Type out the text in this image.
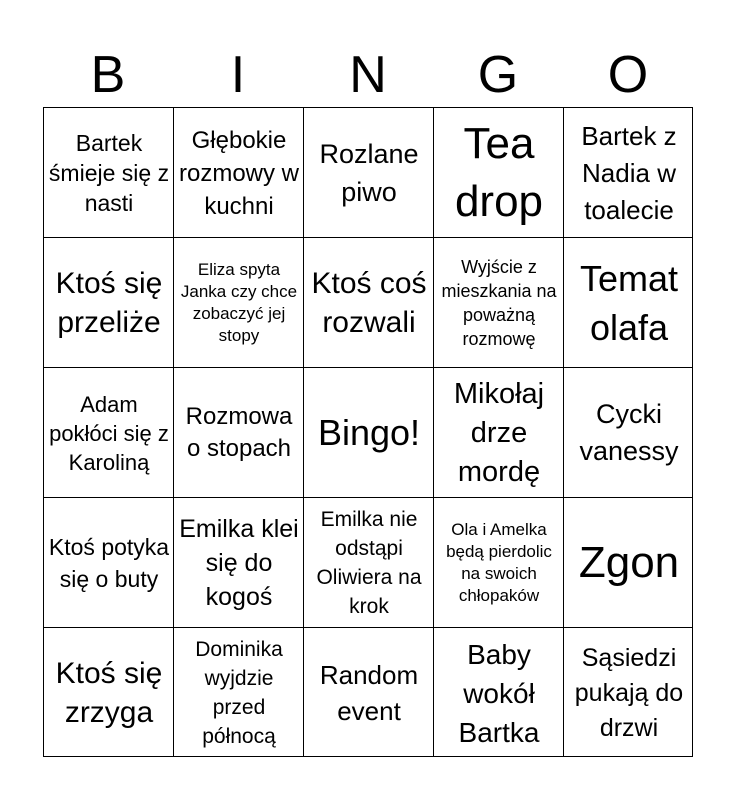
B	I	N	G	O
Bartek śmieje się z nasti
Głębokie rozmowy w kuchni
Rozlane piwo
Tea drop
Bartek z Nadia w toalecie
Ktoś się przeliże
Eliza spyta Janka czy chce zobaczyć jej stopy
Ktoś coś rozwali
Wyjście z mieszkania na poważną rozmowę
Temat olafa
Adam pokłóci się z Karoliną
Rozmowa o stopach Bingo!
Mikołaj drze mordę
Cycki vanessy
Ktoś potyka się o buty
Emilka klei się do kogoś
Emilka nie odstąpi Oliwiera na krok
Ola i Amelka będą pierdolic na swoich chłopaków
Zgon
Ktoś się zrzyga
Dominika wyjdzie przed północą
Random event
Baby wokół Bartka
Sąsiedzi pukają do drzwi
